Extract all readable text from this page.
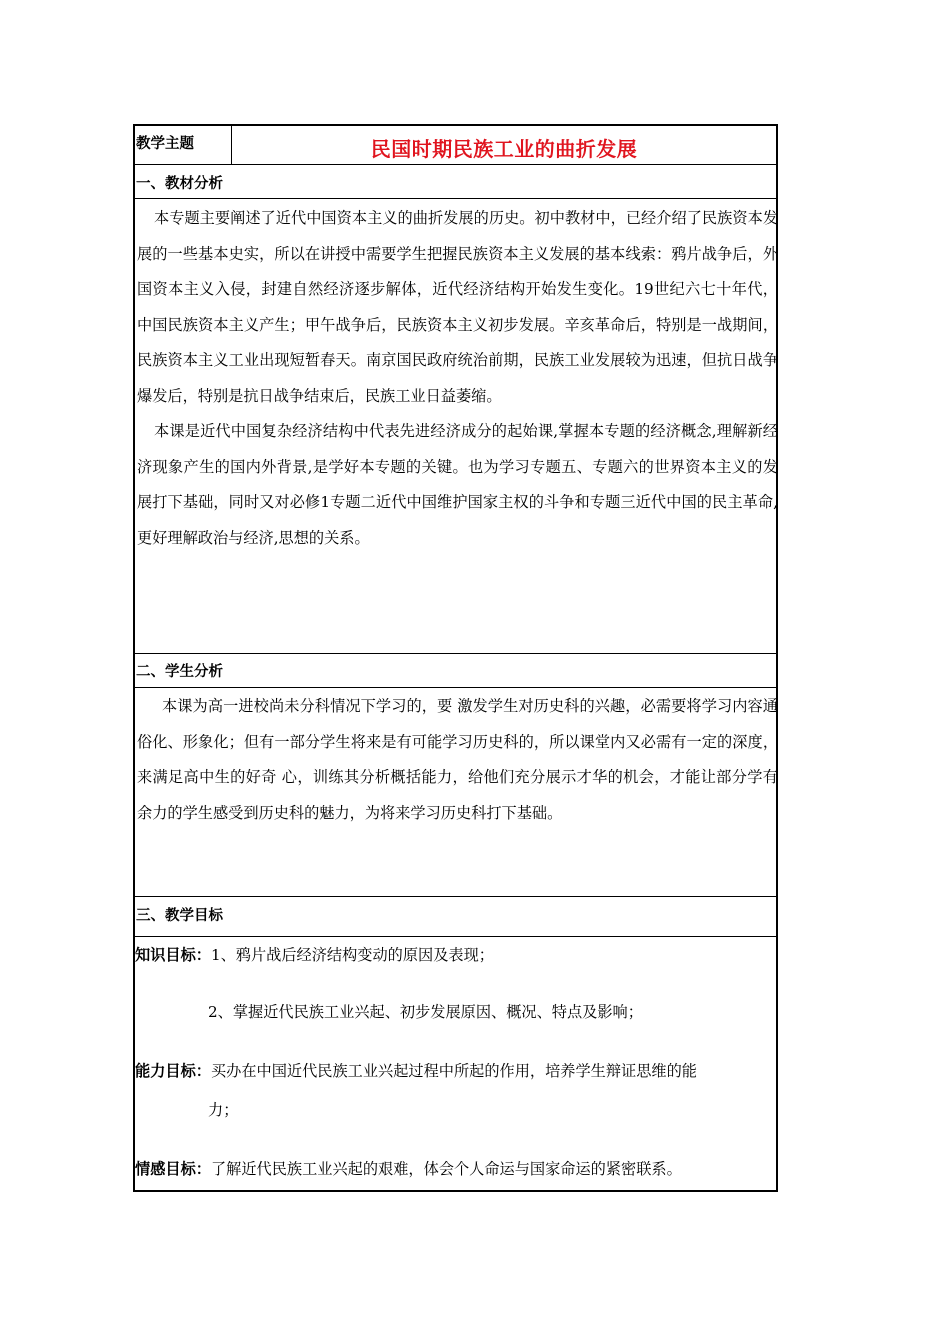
教学主题	民国时期民族工业的曲折发展
一、教材分析

本专题主要阐述了近代中国资本主义的曲折发展的历史。初中教材中，已经介绍了民族资本发展的一些基本史实，所以在讲授中需要学生把握民族资本主义发展的基本线索：鸦片战争后，外国资本主义入侵，封建自然经济逐步解体，近代经济结构开始发生变化。19世纪六七十年代，中国民族资本主义产生；甲午战争后，民族资本主义初步发展。辛亥革命后，特别是一战期间，民族资本主义工业出现短暂春天。南京国民政府统治前期，民族工业发展较为迅速，但抗日战争爆发后，特别是抗日战争结束后，民族工业日益萎缩。

本课是近代中国复杂经济结构中代表先进经济成分的起始课,掌握本专题的经济概念,理解新经济现象产生的国内外背景,是学好本专题的关键。也为学习专题五、专题六的世界资本主义的发展打下基础，同时又对必修1专题二近代中国维护国家主权的斗争和专题三近代中国的民主革命,更好理解政治与经济,思想的关系。

二、学生分析

本课为高一进校尚未分科情况下学习的，要 激发学生对历史科的兴趣，必需要将学习内容通俗化、形象化；但有一部分学生将来是有可能学习历史科的，所以课堂内又必需有一定的深度，来满足高中生的好奇 心，训练其分析概括能力，给他们充分展示才华的机会，才能让部分学有余力的学生感受到历史科的魅力，为将来学习历史科打下基础。

三、教学目标
知识目标：1、鸦片战后经济结构变动的原因及表现；
2、掌握近代民族工业兴起、初步发展原因、概况、特点及影响；
能力目标：买办在中国近代民族工业兴起过程中所起的作用，培养学生辩证思维的能
力；
情感目标：了解近代民族工业兴起的艰难，体会个人命运与国家命运的紧密联系。
